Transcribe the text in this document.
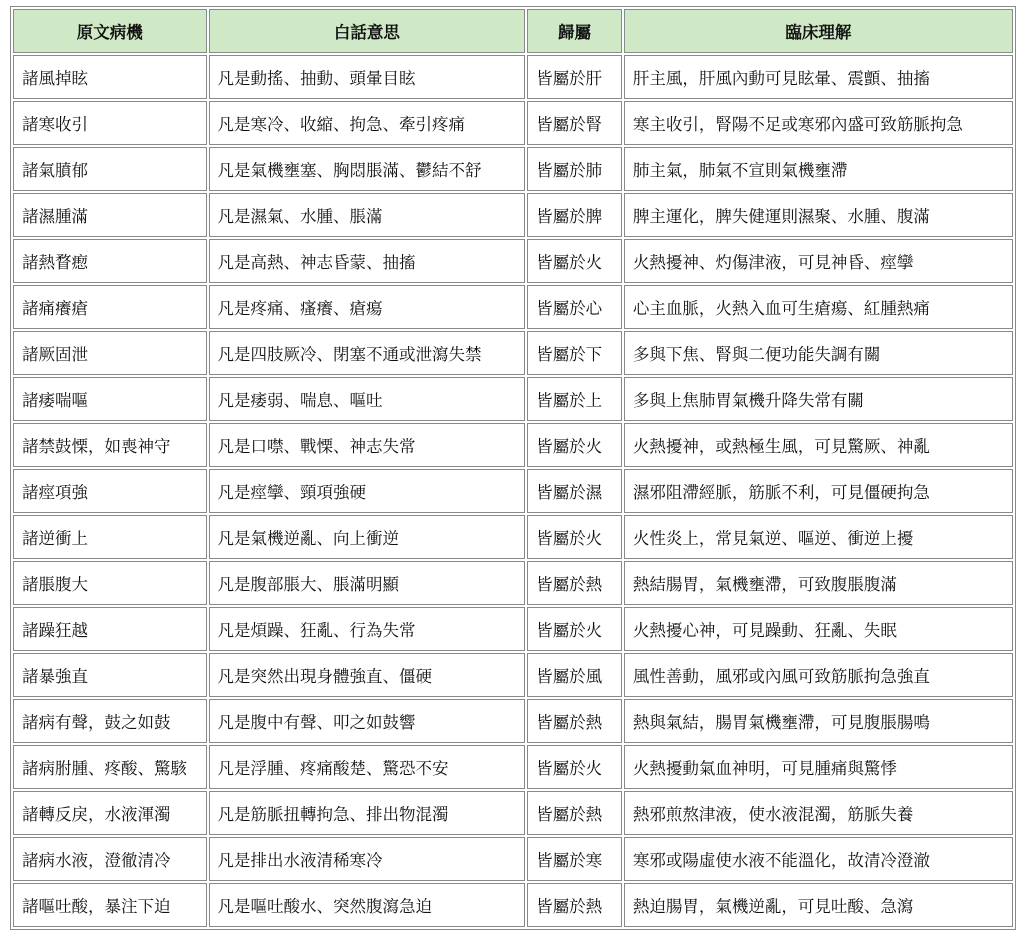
原文病機	白話意思	歸屬	臨床理解
諸風掉眩	凡是動搖、抽動、頭暈目眩	皆屬於肝	肝主風，肝風內動可見眩暈、震顫、抽搐
諸寒收引	凡是寒冷、收縮、拘急、牽引疼痛	皆屬於腎	寒主收引，腎陽不足或寒邪內盛可致筋脈拘急
諸氣膹郁	凡是氣機壅塞、胸悶脹滿、鬱結不舒	皆屬於肺	肺主氣，肺氣不宣則氣機壅滯
諸濕腫滿	凡是濕氣、水腫、脹滿	皆屬於脾	脾主運化，脾失健運則濕聚、水腫、腹滿
諸熱瞀瘛	凡是高熱、神志昏蒙、抽搐	皆屬於火	火熱擾神、灼傷津液，可見神昏、痙攣
諸痛癢瘡	凡是疼痛、瘙癢、瘡瘍	皆屬於心	心主血脈，火熱入血可生瘡瘍、紅腫熱痛
諸厥固泄	凡是四肢厥冷、閉塞不通或泄瀉失禁	皆屬於下	多與下焦、腎與二便功能失調有關
諸痿喘嘔	凡是痿弱、喘息、嘔吐	皆屬於上	多與上焦肺胃氣機升降失常有關
諸禁鼓慄，如喪神守	凡是口噤、戰慄、神志失常	皆屬於火	火熱擾神，或熱極生風，可見驚厥、神亂
諸痙項強	凡是痙攣、頸項強硬	皆屬於濕	濕邪阻滯經脈，筋脈不利，可見僵硬拘急
諸逆衝上	凡是氣機逆亂、向上衝逆	皆屬於火	火性炎上，常見氣逆、嘔逆、衝逆上擾
諸脹腹大	凡是腹部脹大、脹滿明顯	皆屬於熱	熱結腸胃，氣機壅滯，可致腹脹腹滿
諸躁狂越	凡是煩躁、狂亂、行為失常	皆屬於火	火熱擾心神，可見躁動、狂亂、失眠
諸暴強直	凡是突然出現身體強直、僵硬	皆屬於風	風性善動，風邪或內風可致筋脈拘急強直
諸病有聲，鼓之如鼓	凡是腹中有聲、叩之如鼓響	皆屬於熱	熱與氣結，腸胃氣機壅滯，可見腹脹腸鳴
諸病胕腫、疼酸、驚駭	凡是浮腫、疼痛酸楚、驚恐不安	皆屬於火	火熱擾動氣血神明，可見腫痛與驚悸
諸轉反戾，水液渾濁	凡是筋脈扭轉拘急、排出物混濁	皆屬於熱	熱邪煎熬津液，使水液混濁，筋脈失養
諸病水液，澄徹清冷	凡是排出水液清稀寒冷	皆屬於寒	寒邪或陽虛使水液不能溫化，故清冷澄澈
諸嘔吐酸，暴注下迫	凡是嘔吐酸水、突然腹瀉急迫	皆屬於熱	熱迫腸胃，氣機逆亂，可見吐酸、急瀉
